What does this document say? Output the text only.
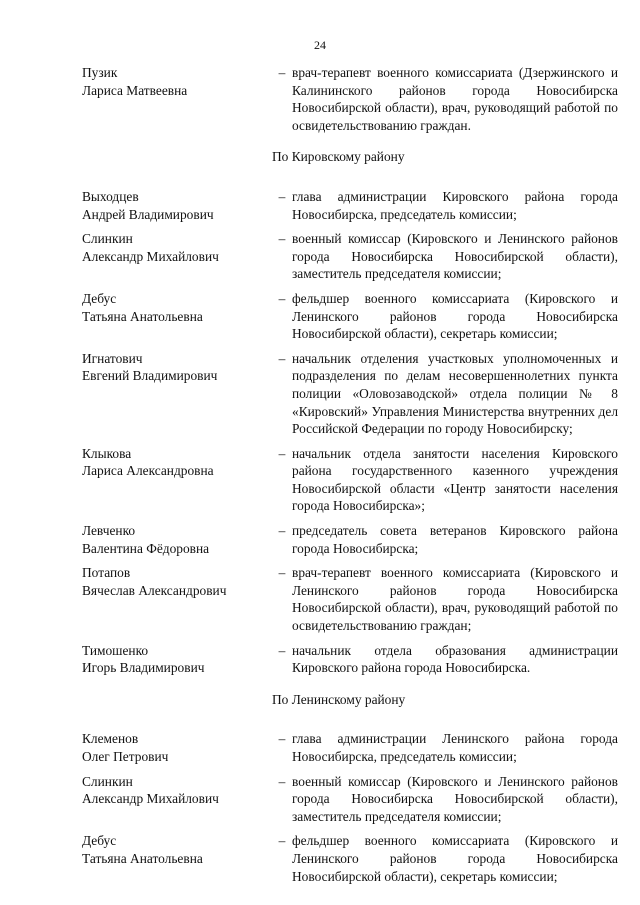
24
Пузик
Лариса Матвеевна
– врач-терапевт военного комиссариата (Дзержинского и Калининского районов города Новосибирска Новосибирской области), врач, руководящий работой по освидетельствованию граждан.
По Кировскому району
Выходцев
Андрей Владимирович
– глава администрации Кировского района города Новосибирска, председатель комиссии;
Слинкин
Александр Михайлович
– военный комиссар (Кировского и Ленинского районов города Новосибирска Новосибирской области), заместитель председателя комиссии;
Дебус
Татьяна Анатольевна
– фельдшер военного комиссариата (Кировского и Ленинского районов города Новосибирска Новосибирской области), секретарь комиссии;
Игнатович
Евгений Владимирович
– начальник отделения участковых уполномоченных и подразделения по делам несовершеннолетних пункта полиции «Оловозаводской» отдела полиции № 8 «Кировский» Управления Министерства внутренних дел Российской Федерации по городу Новосибирску;
Клыкова
Лариса Александровна
– начальник отдела занятости населения Кировского района государственного казенного учреждения Новосибирской области «Центр занятости населения города Новосибирска»;
Левченко
Валентина Фёдоровна
– председатель совета ветеранов Кировского района города Новосибирска;
Потапов
Вячеслав Александрович
– врач-терапевт военного комиссариата (Кировского и Ленинского районов города Новосибирска Новосибирской области), врач, руководящий работой по освидетельствованию граждан;
Тимошенко
Игорь Владимирович
– начальник отдела образования администрации Кировского района города Новосибирска.
По Ленинскому району
Клеменов
Олег Петрович
– глава администрации Ленинского района города Новосибирска, председатель комиссии;
Слинкин
Александр Михайлович
– военный комиссар (Кировского и Ленинского районов города Новосибирска Новосибирской области), заместитель председателя комиссии;
Дебус
Татьяна Анатольевна
– фельдшер военного комиссариата (Кировского и Ленинского районов города Новосибирска Новосибирской области), секретарь комиссии;
